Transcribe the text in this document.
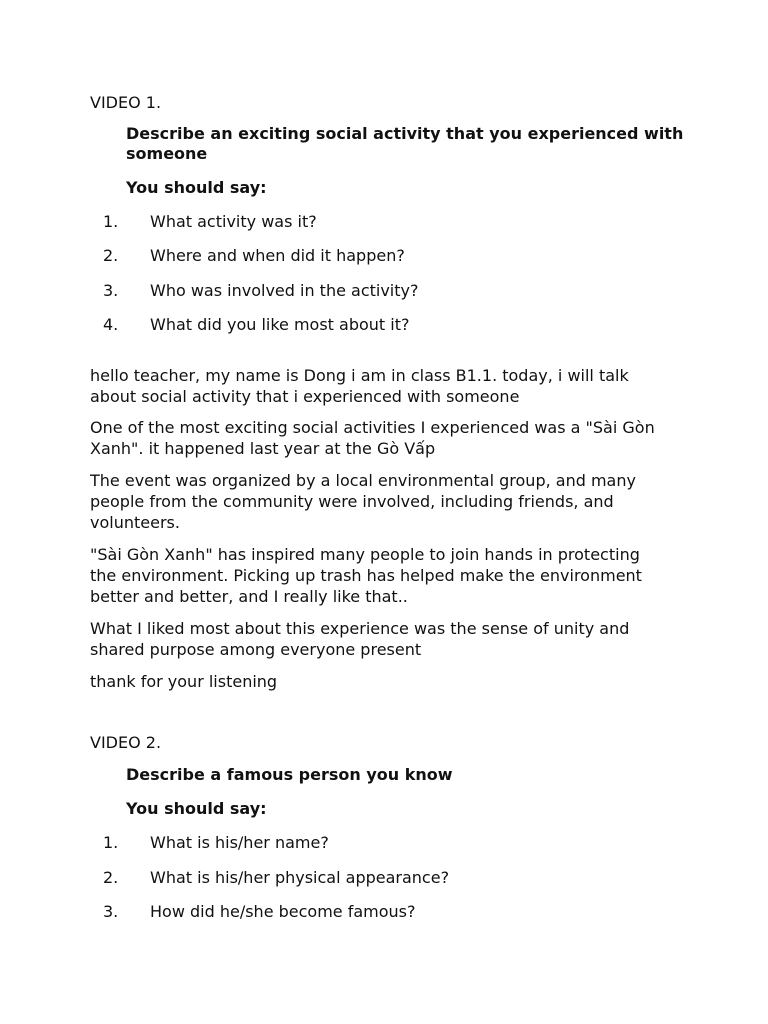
VIDEO 1.
Describe an exciting social activity that you experienced with someone
You should say:
1. What activity was it?
2. Where and when did it happen?
3. Who was involved in the activity?
4. What did you like most about it?
hello teacher, my name is Dong i am in class B1.1. today, i will talk about social activity that i experienced with someone
One of the most exciting social activities I experienced was a "Sài Gòn Xanh". it happened last year at the Gò Vấp
The event was organized by a local environmental group, and many people from the community were involved, including friends, and volunteers.
"Sài Gòn Xanh" has inspired many people to join hands in protecting the environment. Picking up trash has helped make the environment better and better, and I really like that..
What I liked most about this experience was the sense of unity and shared purpose among everyone present
thank for your listening
VIDEO 2.
Describe a famous person you know
You should say:
1. What is his/her name?
2. What is his/her physical appearance?
3. How did he/she become famous?
